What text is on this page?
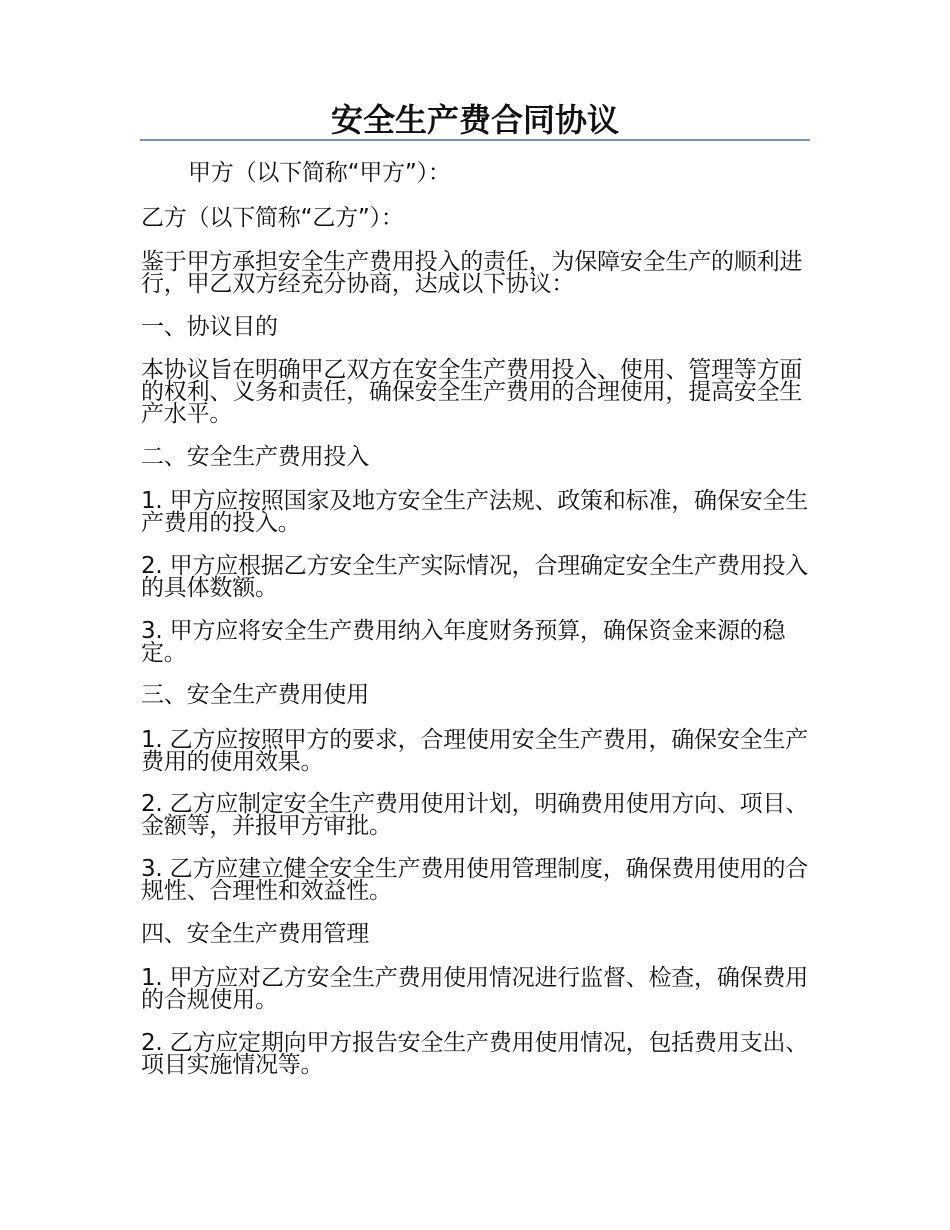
安全生产费合同协议

甲方（以下简称“甲方”）：

乙方（以下简称“乙方”）：

鉴于甲方承担安全生产费用投入的责任，为保障安全生产的顺利进行，甲乙双方经充分协商，达成以下协议：

一、协议目的

本协议旨在明确甲乙双方在安全生产费用投入、使用、管理等方面的权利、义务和责任，确保安全生产费用的合理使用，提高安全生产水平。

二、安全生产费用投入

1. 甲方应按照国家及地方安全生产法规、政策和标准，确保安全生产费用的投入。

2. 甲方应根据乙方安全生产实际情况，合理确定安全生产费用投入的具体数额。

3. 甲方应将安全生产费用纳入年度财务预算，确保资金来源的稳定。

三、安全生产费用使用

1. 乙方应按照甲方的要求，合理使用安全生产费用，确保安全生产费用的使用效果。

2. 乙方应制定安全生产费用使用计划，明确费用使用方向、项目、金额等，并报甲方审批。

3. 乙方应建立健全安全生产费用使用管理制度，确保费用使用的合规性、合理性和效益性。

四、安全生产费用管理

1. 甲方应对乙方安全生产费用使用情况进行监督、检查，确保费用的合规使用。

2. 乙方应定期向甲方报告安全生产费用使用情况，包括费用支出、项目实施情况等。
